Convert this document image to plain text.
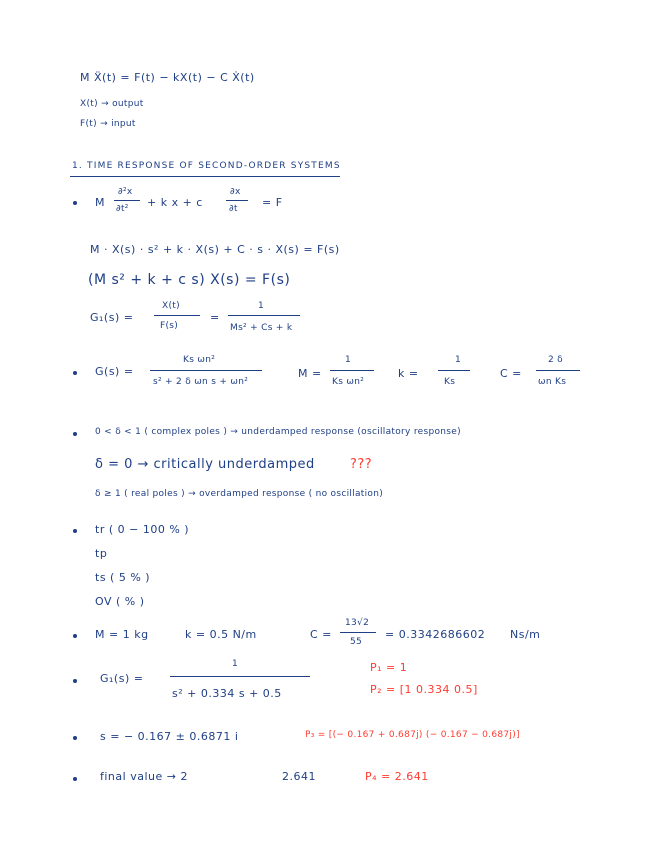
M Ẍ(t) = F(t) − kX(t) − C Ẋ(t)
X(t) → output
F(t) → input
1. TIME RESPONSE OF SECOND-ORDER SYSTEMS
M
∂²x
∂t² + k x + c
∂x
∂t = F
M · X(s) · s² + k · X(s) + C · s · X(s) = F(s)
(M s² + k + c s) X(s) = F(s)
G₁(s) =
X(t)
F(s)
=
1
Ms² + Cs + k
G(s) =
Ks ωn²
s² + 2 δ ωn s + ωn²
M =
1
Ks ωn²
k =
1
Ks
C =
2 δ
ωn Ks
0 < δ < 1 ( complex poles ) → underdamped response (oscillatory response)
δ = 0 → critically underdamped	???
δ ≥ 1 ( real poles ) → overdamped response ( no oscillation)
tr ( 0 − 100 % )
tp
ts ( 5 % )
OV ( % )
M = 1 kg	k = 0.5 N/m	C =
13√2
55
= 0.3342686602 Ns/m
G₁(s) =
1
s² + 0.334 s + 0.5
P₁ = 1
P₂ = [1 0.334 0.5]
s = − 0.167 ± 0.6871 i	P₃ = [(− 0.167 + 0.687j) (− 0.167 − 0.687j)]
final value → 2	2.641	P₄ = 2.641
